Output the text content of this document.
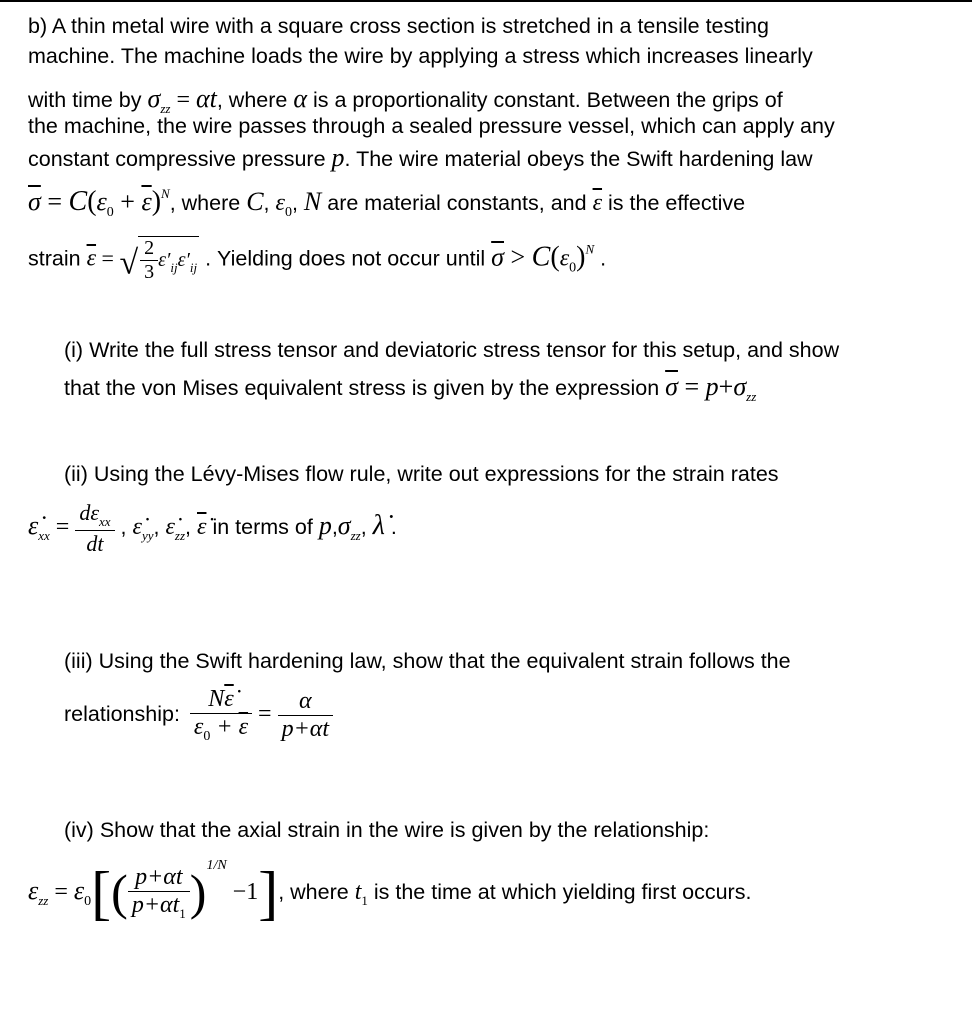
b) A thin metal wire with a square cross section is stretched in a tensile testing
machine. The machine loads the wire by applying a stress which increases linearly
with time by $\sigma_{zz} = \alpha t$, where α is a proportionality constant. Between the grips of
the machine, the wire passes through a sealed pressure vessel, which can apply any
constant compressive pressure p. The wire material obeys the Swift hardening law
$\overline{\sigma} = C(\varepsilon_0 + \overline{\varepsilon})^N$, where C, $\varepsilon_0$, N are material constants, and $\overline{\varepsilon}$ is the effective
strain $\overline{\varepsilon}$ = √ $\frac{2}{3} \varepsilon'_{ij}\varepsilon'_{ij}$ . Yielding does not occur until $\overline{\sigma} > C(\varepsilon_0)^N$ .
(i) Write the full stress tensor and deviatoric stress tensor for this setup, and show
that the von Mises equivalent stress is given by the expression $\overline{\sigma} = p+\sigma_{zz}$
(ii) Using the Lévy-Mises flow rule, write out expressions for the strain rates
$\varepsiloṅ_{xx} = \frac{d\varepsilon_{xx}}{dt}$ , $\varepsiloṅ_{yy}$, $\varepsiloṅ_{zz}$, ε̇ in terms of $p,\sigma_{zz}$, λ̇ .
(iii) Using the Swift hardening law, show that the equivalent strain follows the
relationship: $\frac{N\varepsiloṅ}{\varepsilon_0 + \overline{\varepsilon}} = \frac{\alpha}{p+\alpha t}$
(iv) Show that the axial strain in the wire is given by the relationship:
$\varepsilon_{zz} = \varepsilon_0[( \frac{p+\alpha t}{p+\alpha t_1} )^{1/N} -1]$, where $t_1$ is the time at which yielding first occurs.
